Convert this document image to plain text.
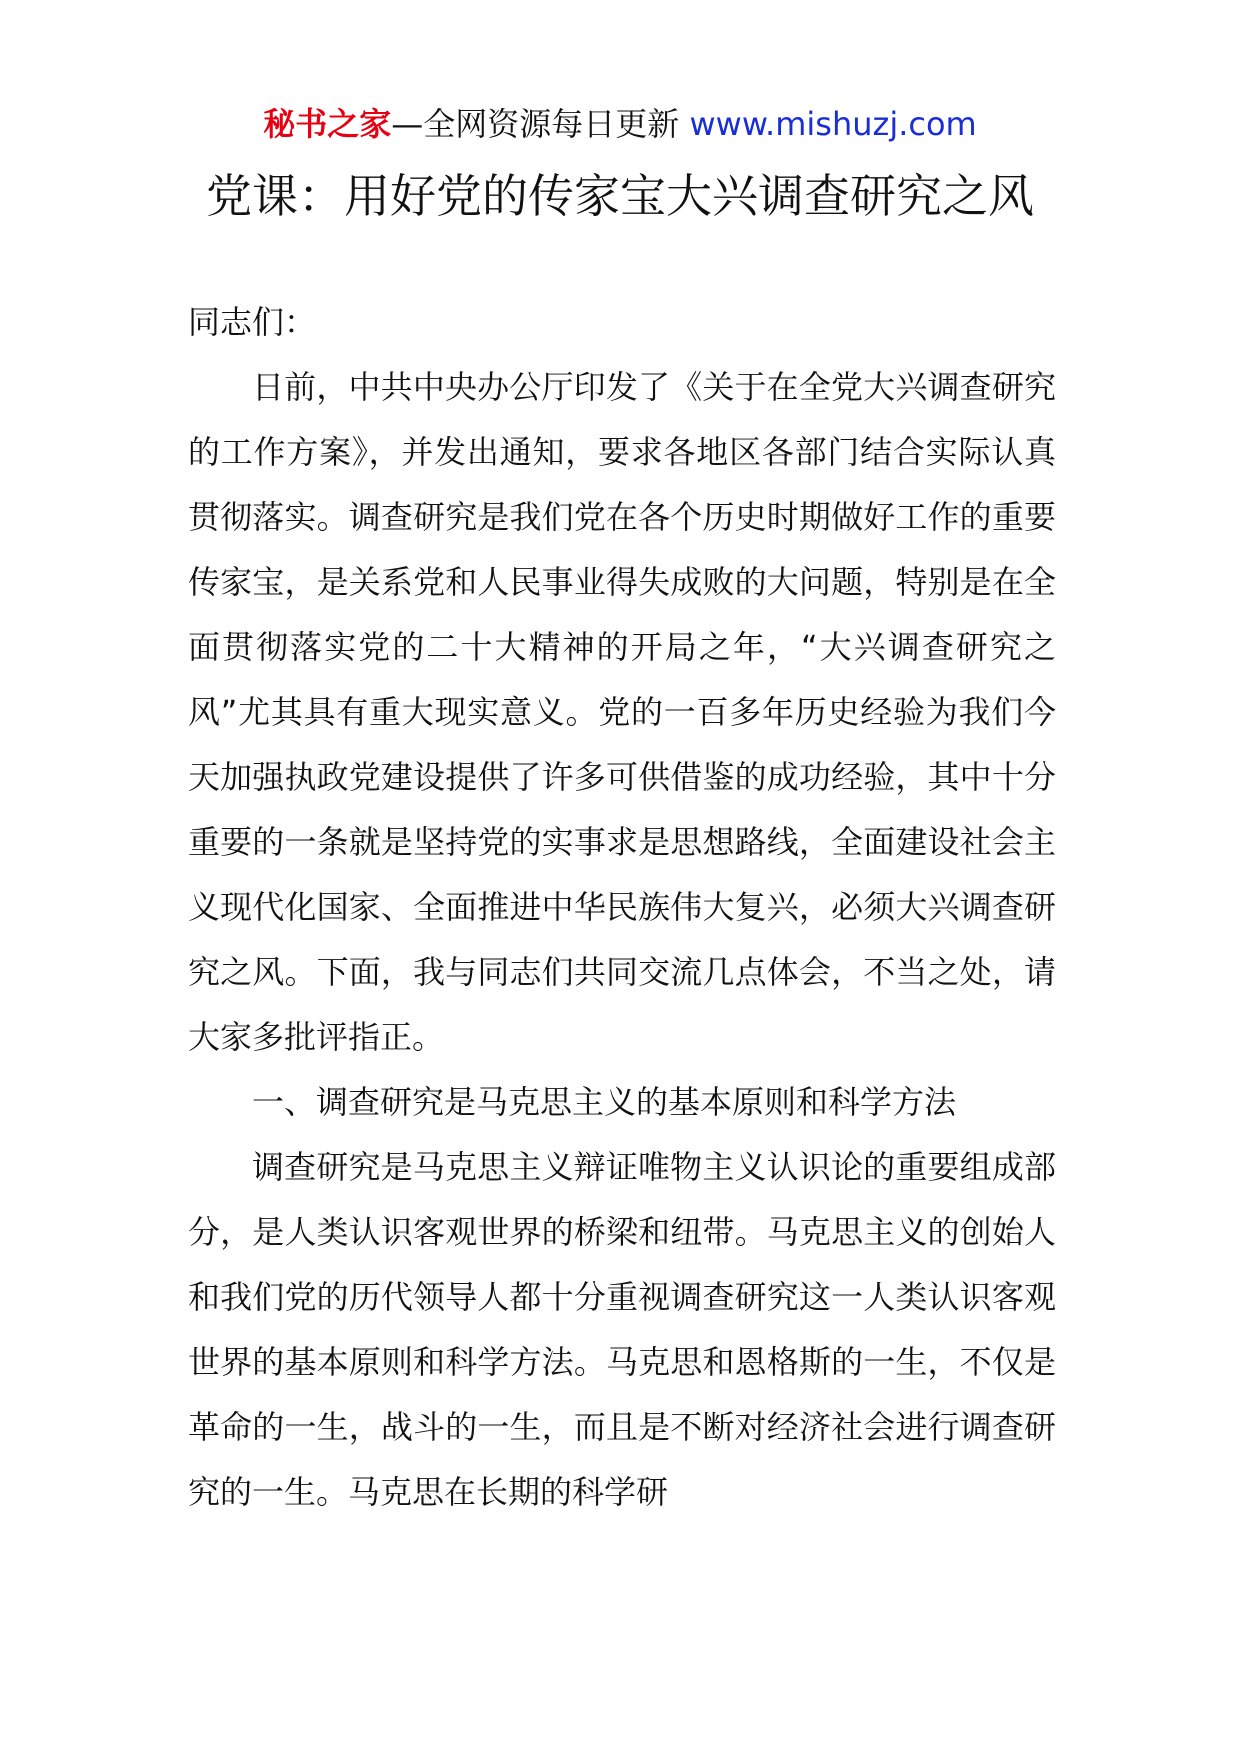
秘书之家—全网资源每日更新 www.mishuzj.com
党课：用好党的传家宝大兴调查研究之风

同志们：

日前，中共中央办公厅印发了《关于在全党大兴调查研究的工作方案》，并发出通知，要求各地区各部门结合实际认真贯彻落实。调查研究是我们党在各个历史时期做好工作的重要传家宝，是关系党和人民事业得失成败的大问题，特别是在全面贯彻落实党的二十大精神的开局之年，“大兴调查研究之风”尤其具有重大现实意义。党的一百多年历史经验为我们今天加强执政党建设提供了许多可供借鉴的成功经验，其中十分重要的一条就是坚持党的实事求是思想路线，全面建设社会主义现代化国家、全面推进中华民族伟大复兴，必须大兴调查研究之风。下面，我与同志们共同交流几点体会，不当之处，请大家多批评指正。

一、调查研究是马克思主义的基本原则和科学方法

调查研究是马克思主义辩证唯物主义认识论的重要组成部分，是人类认识客观世界的桥梁和纽带。马克思主义的创始人和我们党的历代领导人都十分重视调查研究这一人类认识客观世界的基本原则和科学方法。马克思和恩格斯的一生，不仅是革命的一生，战斗的一生，而且是不断对经济社会进行调查研究的一生。马克思在长期的科学研
